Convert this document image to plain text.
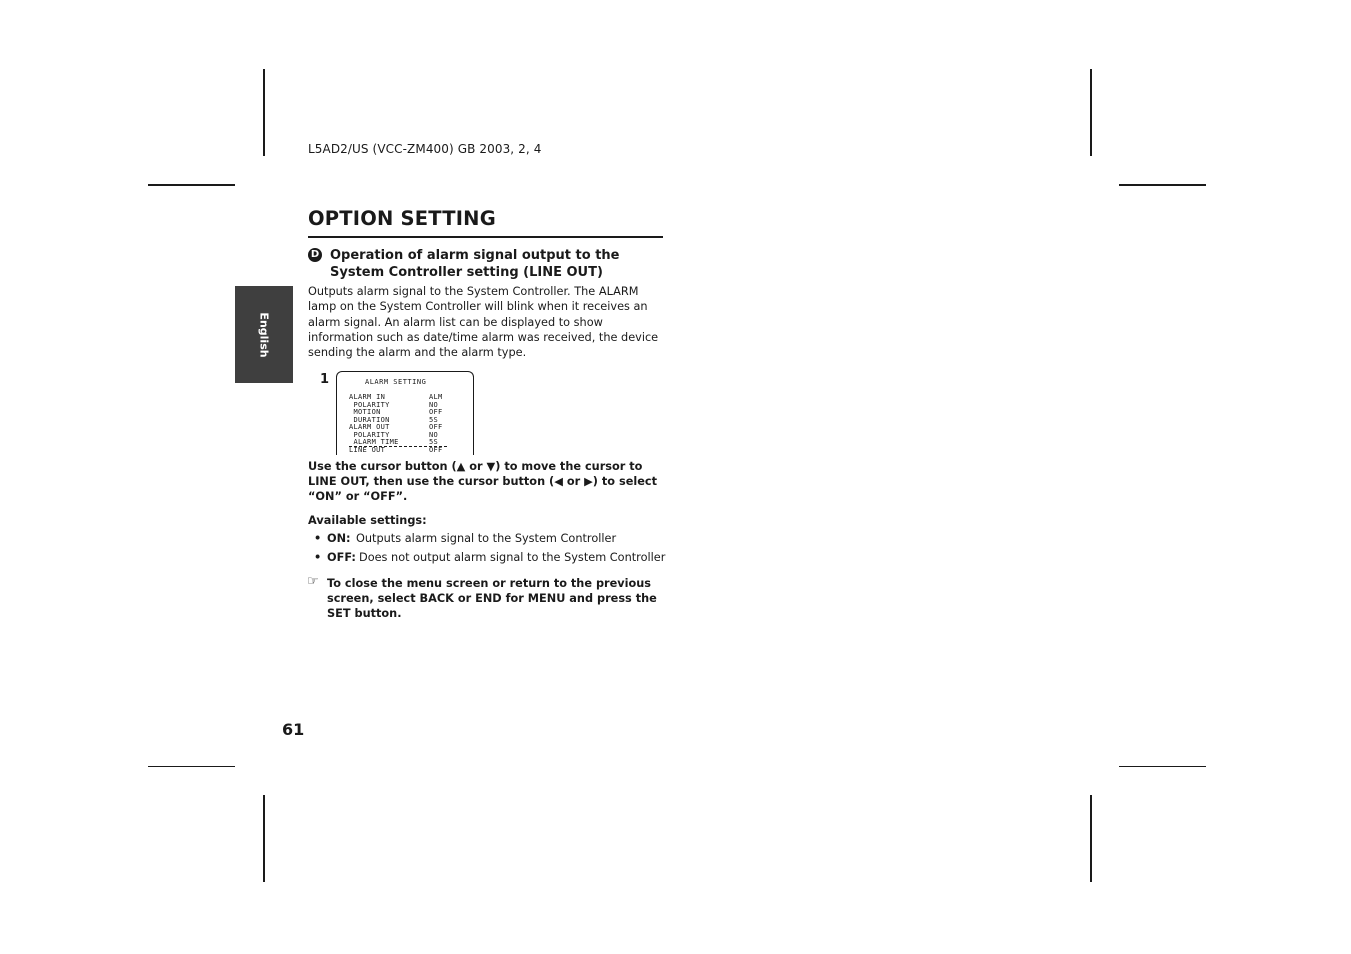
L5AD2/US (VCC-ZM400) GB 2003, 2, 4
OPTION SETTING
English
D Operation of alarm signal output to the System Controller setting (LINE OUT)

Outputs alarm signal to the System Controller. The ALARM lamp on the System Controller will blink when it receives an alarm signal. An alarm list can be displayed to show information such as date/time alarm was received, the device sending the alarm and the alarm type.

1	ALARM SETTING
ALARM IN	ALM
POLARITY	NO
MOTION	OFF
DURATION	5S
ALARM OUT	OFF
POLARITY	NO
ALARM TIME	5S
LINE OUT	OFF

Use the cursor button (▲ or ▼) to move the cursor to LINE OUT, then use the cursor button (◀ or ▶) to select “ON” or “OFF”.

Available settings:
• ON: Outputs alarm signal to the System Controller
• OFF: Does not output alarm signal to the System Controller
☞ To close the menu screen or return to the previous screen, select BACK or END for MENU and press the SET button.

61
